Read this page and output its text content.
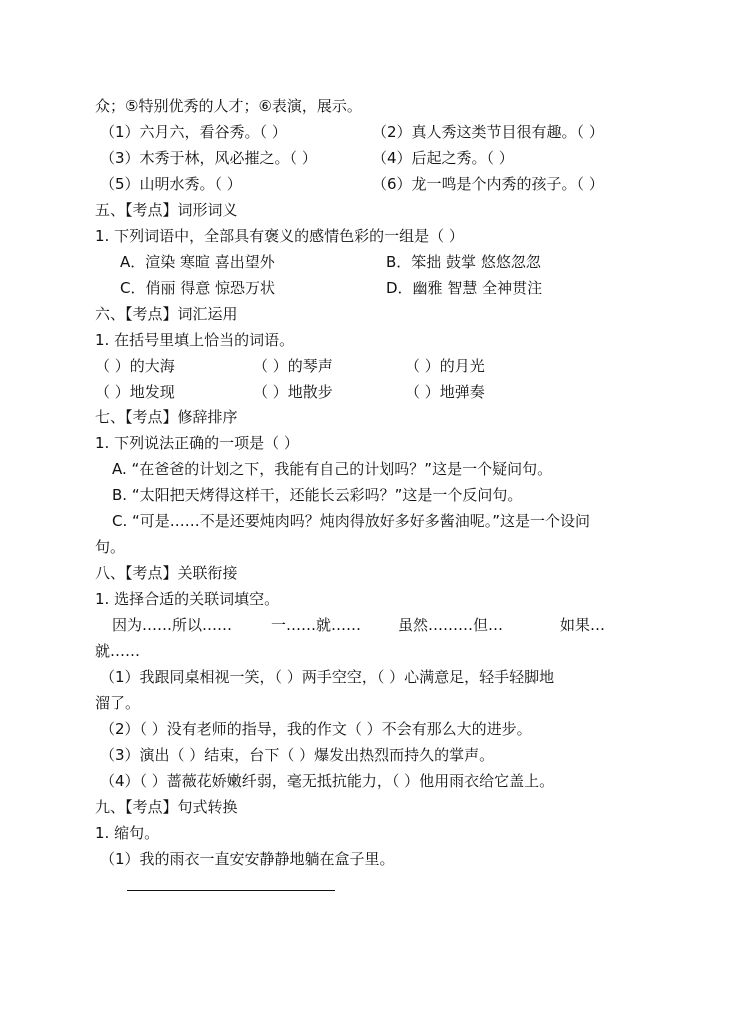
众；⑤特别优秀的人才；⑥表演，展示。
（1）六月六，看谷秀。（ ）	（2）真人秀这类节目很有趣。（ ）
（3）木秀于林，风必摧之。（ ）	（4）后起之秀。（ ）
（5）山明水秀。（ ）	（6）龙一鸣是个内秀的孩子。（ ）
五、【考点】词形词义
1. 下列词语中，全部具有褒义的感情色彩的一组是（ ）
A．渲染 寒暄 喜出望外	B．笨拙 鼓掌 悠悠忽忽
C．俏丽 得意 惊恐万状	D．幽雅 智慧 全神贯注
六、【考点】词汇运用
1. 在括号里填上恰当的词语。
（ ）的大海	（ ）的琴声	（ ）的月光
（ ）地发现	（ ）地散步	（ ）地弹奏
七、【考点】修辞排序
1. 下列说法正确的一项是（ ）
A. “在爸爸的计划之下，我能有自己的计划吗？”这是一个疑问句。
B. “太阳把天烤得这样干，还能长云彩吗？”这是一个反问句。
C. “可是……不是还要炖肉吗？炖肉得放好多好多酱油呢。”这是一个设问
句。
八、【考点】关联衔接
1. 选择合适的关联词填空。
因为……所以……	一……就…… 虽然………但…	如果…
就……
（1）我跟同桌相视一笑，（ ）两手空空，（ ）心满意足，轻手轻脚地
溜了。
（2）（ ）没有老师的指导，我的作文（ ）不会有那么大的进步。
（3）演出（ ）结束，台下（ ）爆发出热烈而持久的掌声。
（4）（ ）蔷薇花娇嫩纤弱，毫无抵抗能力，（ ）他用雨衣给它盖上。
九、【考点】句式转换
1. 缩句。
（1）我的雨衣一直安安静静地躺在盒子里。
